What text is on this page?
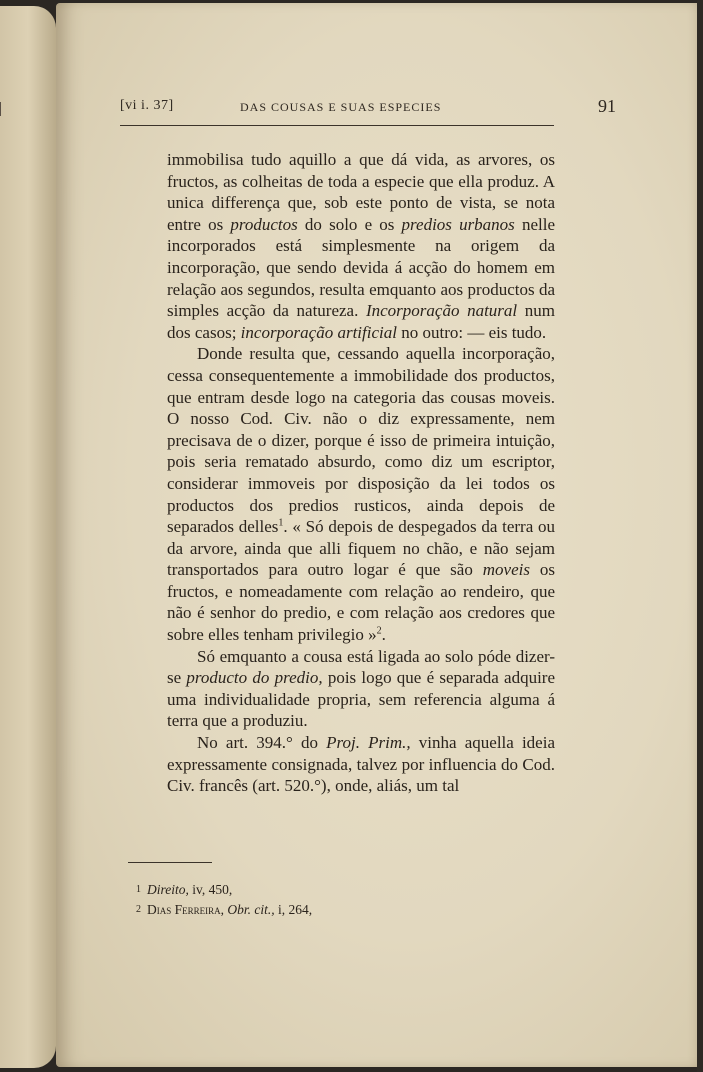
[vi i. 37]	DAS COUSAS E SUAS ESPECIES	91

immobilisa tudo aquillo a que dá vida, as arvores, os fructos, as colheitas de toda a especie que ella produz. A unica differença que, sob este ponto de vista, se nota entre os productos do solo e os predios urbanos nelle incorporados está simplesmente na origem da incorporação, que sendo devida á acção do homem em relação aos segundos, resulta emquanto aos productos da simples acção da natureza. Incorporação natural num dos casos; incorporação artificial no outro: — eis tudo.

Donde resulta que, cessando aquella incorporação, cessa consequentemente a immobilidade dos productos, que entram desde logo na categoria das cousas moveis. O nosso Cod. Civ. não o diz expressamente, nem precisava de o dizer, porque é isso de primeira intuição, pois seria rematado absurdo, como diz um escriptor, considerar immoveis por disposição da lei todos os productos dos predios rusticos, ainda depois de separados delles$^1$. « Só depois de despegados da terra ou da arvore, ainda que alli fiquem no chão, e não sejam transportados para outro logar é que são moveis os fructos, e nomeadamente com relação ao rendeiro, que não é senhor do predio, e com relação aos credores que sobre elles tenham privilegio »$^2$.

Só emquanto a cousa está ligada ao solo póde dizer-se producto do predio, pois logo que é separada adquire uma individualidade propria, sem referencia alguma á terra que a produziu.

No art. 394.° do Proj. Prim., vinha aquella ideia expressamente consignada, talvez por influencia do Cod. Civ. francês (art. 520.°), onde, aliás, um tal

1 Direito, iv, 450,
2 Dias Ferreira, Obr. cit., i, 264,
